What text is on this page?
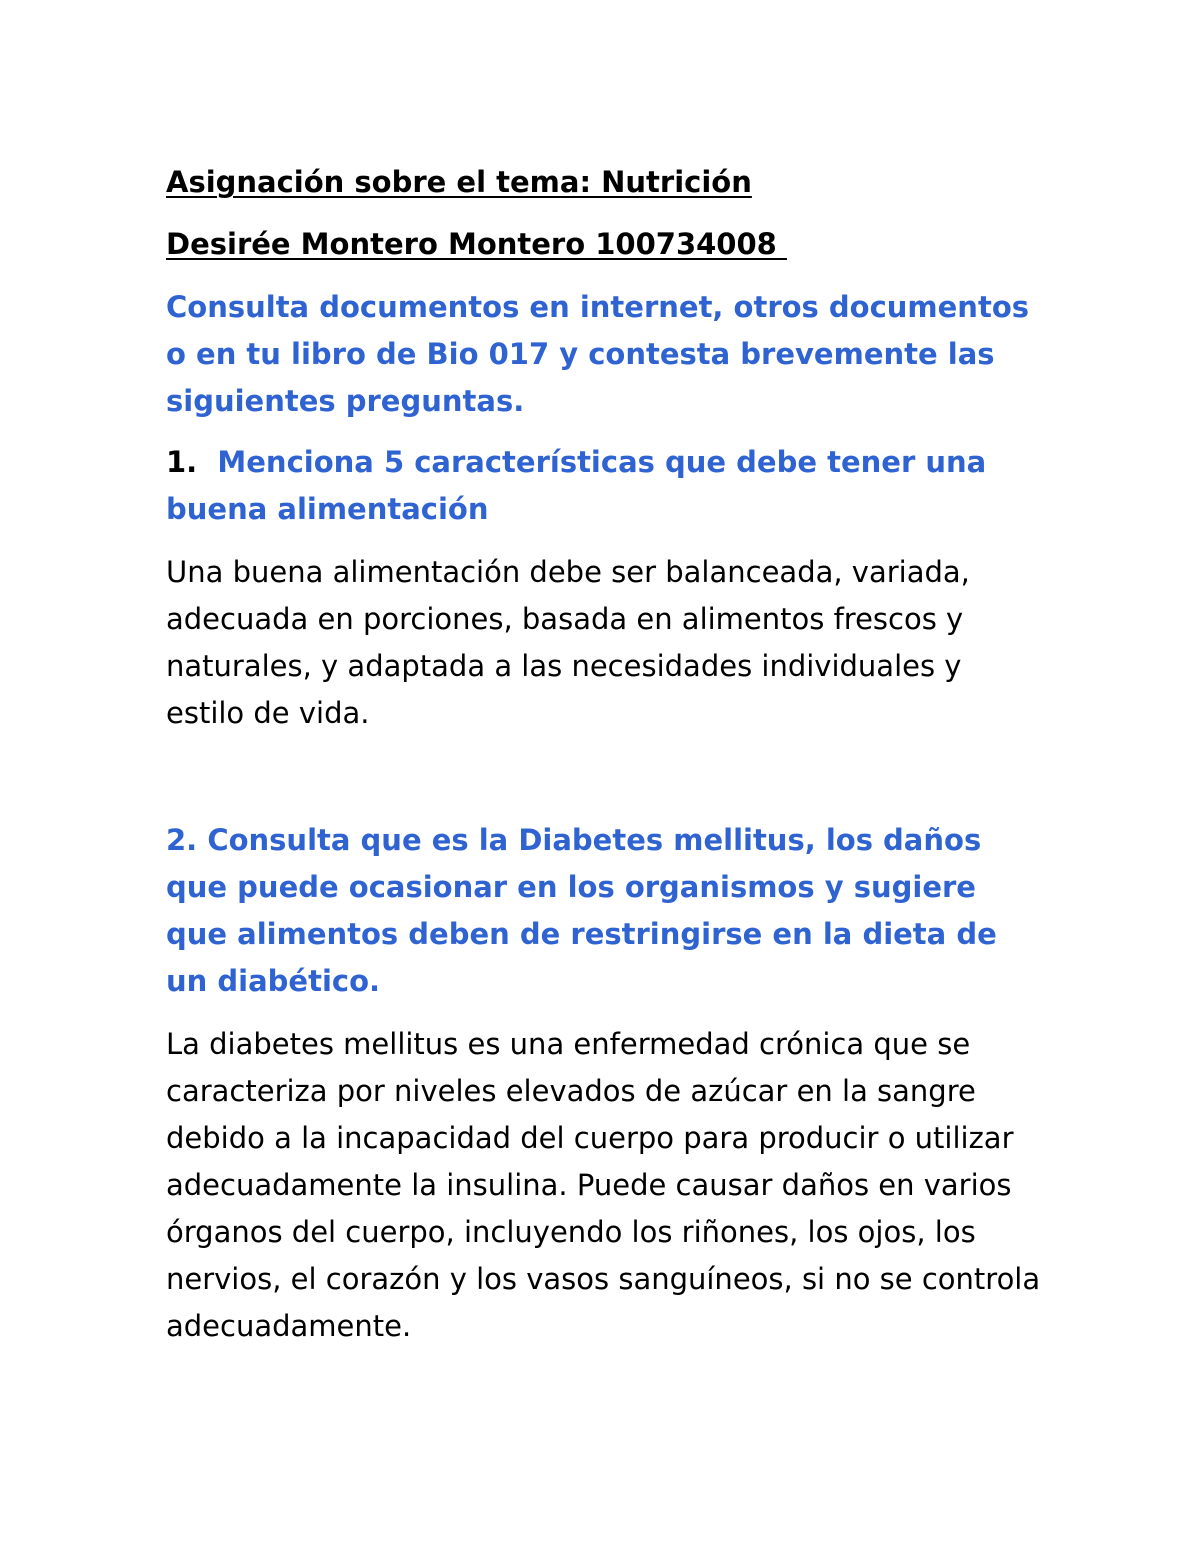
Asignación sobre el tema: Nutrición

Desirée Montero Montero 100734008

Consulta documentos en internet, otros documentos o en tu libro de Bio 017 y contesta brevemente las siguientes preguntas.

1. Menciona 5 características que debe tener una buena alimentación

Una buena alimentación debe ser balanceada, variada, adecuada en porciones, basada en alimentos frescos y naturales, y adaptada a las necesidades individuales y estilo de vida.

2. Consulta que es la Diabetes mellitus, los daños que puede ocasionar en los organismos y sugiere que alimentos deben de restringirse en la dieta de un diabético.

La diabetes mellitus es una enfermedad crónica que se caracteriza por niveles elevados de azúcar en la sangre debido a la incapacidad del cuerpo para producir o utilizar adecuadamente la insulina. Puede causar daños en varios órganos del cuerpo, incluyendo los riñones, los ojos, los nervios, el corazón y los vasos sanguíneos, si no se controla adecuadamente.
